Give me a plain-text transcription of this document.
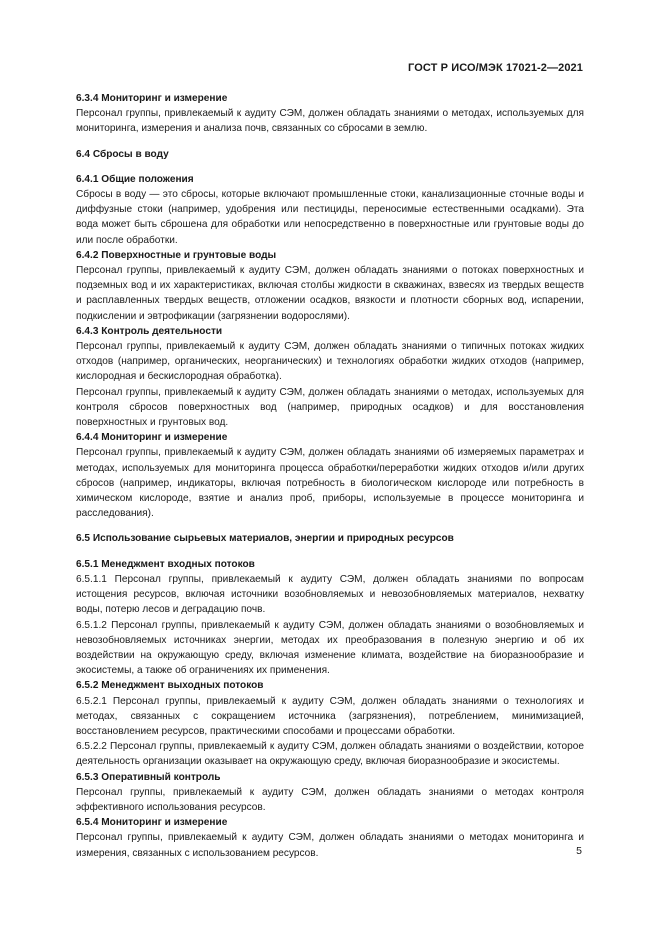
ГОСТ Р ИСО/МЭК 17021-2—2021

6.3.4 Мониторинг и измерение

Персонал группы, привлекаемый к аудиту СЭМ, должен обладать знаниями о методах, используемых для мониторинга, измерения и анализа почв, связанных со сбросами в землю.

6.4 Сбросы в воду

6.4.1 Общие положения

Сбросы в воду — это сбросы, которые включают промышленные стоки, канализационные сточные воды и диффузные стоки (например, удобрения или пестициды, переносимые естественными осадками). Эта вода может быть сброшена для обработки или непосредственно в поверхностные или грунтовые воды до или после обработки.

6.4.2 Поверхностные и грунтовые воды

Персонал группы, привлекаемый к аудиту СЭМ, должен обладать знаниями о потоках поверхностных и подземных вод и их характеристиках, включая столбы жидкости в скважинах, взвесях из твердых веществ и расплавленных твердых веществ, отложении осадков, вязкости и плотности сборных вод, испарении, подкислении и эвтрофикации (загрязнении водорослями).

6.4.3 Контроль деятельности

Персонал группы, привлекаемый к аудиту СЭМ, должен обладать знаниями о типичных потоках жидких отходов (например, органических, неорганических) и технологиях обработки жидких отходов (например, кислородная и бескислородная обработка).

Персонал группы, привлекаемый к аудиту СЭМ, должен обладать знаниями о методах, используемых для контроля сбросов поверхностных вод (например, природных осадков) и для восстановления поверхностных и грунтовых вод.

6.4.4 Мониторинг и измерение

Персонал группы, привлекаемый к аудиту СЭМ, должен обладать знаниями об измеряемых параметрах и методах, используемых для мониторинга процесса обработки/переработки жидких отходов и/или других сбросов (например, индикаторы, включая потребность в биологическом кислороде или потребность в химическом кислороде, взятие и анализ проб, приборы, используемые в процессе мониторинга и расследования).

6.5 Использование сырьевых материалов, энергии и природных ресурсов

6.5.1 Менеджмент входных потоков

6.5.1.1 Персонал группы, привлекаемый к аудиту СЭМ, должен обладать знаниями по вопросам истощения ресурсов, включая источники возобновляемых и невозобновляемых материалов, нехватку воды, потерю лесов и деградацию почв.

6.5.1.2 Персонал группы, привлекаемый к аудиту СЭМ, должен обладать знаниями о возобновляемых и невозобновляемых источниках энергии, методах их преобразования в полезную энергию и об их воздействии на окружающую среду, включая изменение климата, воздействие на биоразнообразие и экосистемы, а также об ограничениях их применения.

6.5.2 Менеджмент выходных потоков

6.5.2.1 Персонал группы, привлекаемый к аудиту СЭМ, должен обладать знаниями о технологиях и методах, связанных с сокращением источника (загрязнения), потреблением, минимизацией, восстановлением ресурсов, практическими способами и процессами обработки.

6.5.2.2 Персонал группы, привлекаемый к аудиту СЭМ, должен обладать знаниями о воздействии, которое деятельность организации оказывает на окружающую среду, включая биоразнообразие и экосистемы.

6.5.3 Оперативный контроль

Персонал группы, привлекаемый к аудиту СЭМ, должен обладать знаниями о методах контроля эффективного использования ресурсов.

6.5.4 Мониторинг и измерение

Персонал группы, привлекаемый к аудиту СЭМ, должен обладать знаниями о методах мониторинга и измерения, связанных с использованием ресурсов.	5
